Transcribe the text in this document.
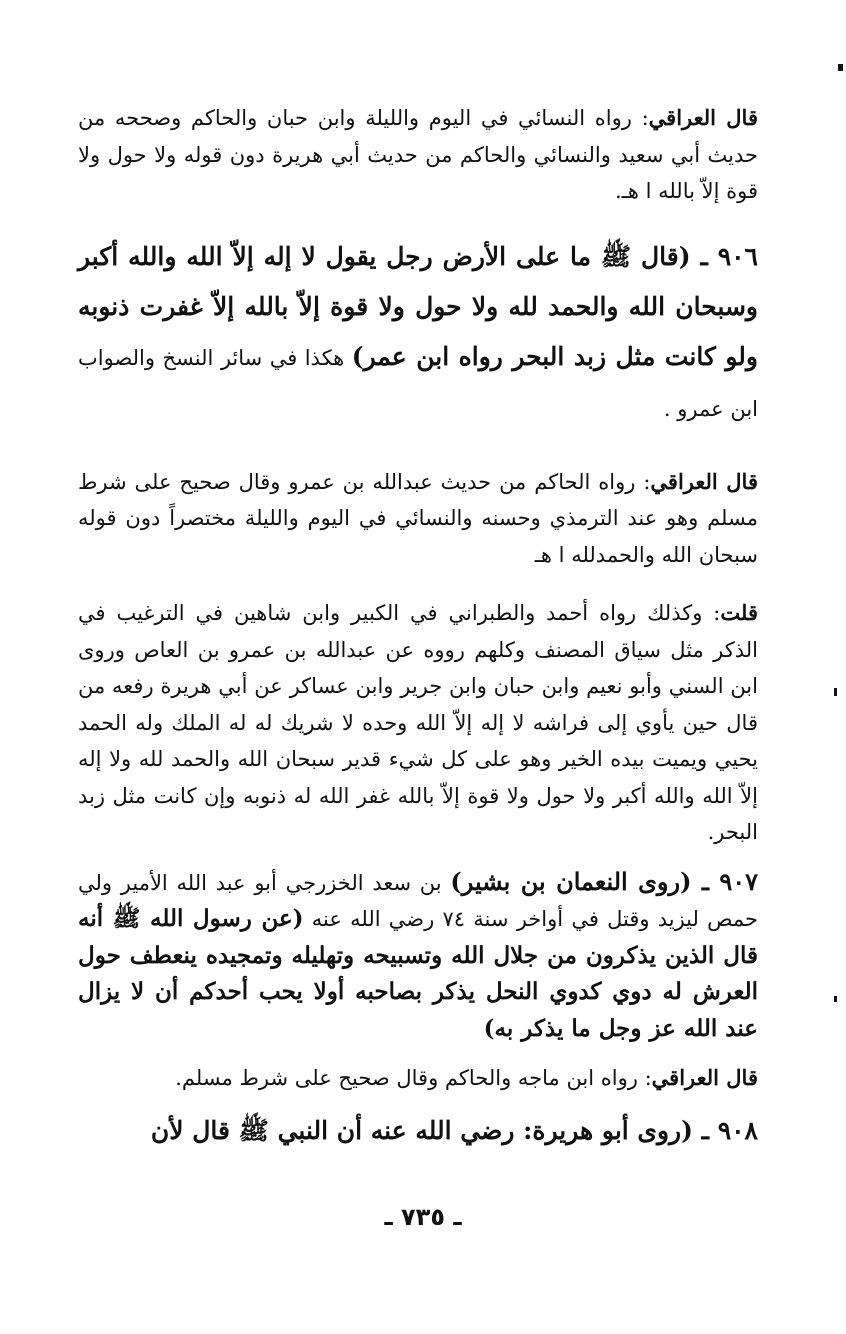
قال العراقي: رواه النسائي في اليوم والليلة وابن حبان والحاكم وصححه من حديث أبي سعيد والنسائي والحاكم من حديث أبي هريرة دون قوله ولا حول ولا قوة إلاّ بالله ا هـ.

٩٠٦ ـ (قال ﷺ ما على الأرض رجل يقول لا إله إلاّ الله والله أكبر وسبحان الله والحمد لله ولا حول ولا قوة إلاّ بالله إلاّ غفرت ذنوبه ولو كانت مثل زبد البحر رواه ابن عمر) هكذا في سائر النسخ والصواب ابن عمرو .

قال العراقي: رواه الحاكم من حديث عبدالله بن عمرو وقال صحيح على شرط مسلم وهو عند الترمذي وحسنه والنسائي في اليوم والليلة مختصراً دون قوله سبحان الله والحمدلله ا هـ

قلت: وكذلك رواه أحمد والطبراني في الكبير وابن شاهين في الترغيب في الذكر مثل سياق المصنف وكلهم رووه عن عبدالله بن عمرو بن العاص وروى ابن السني وأبو نعيم وابن حبان وابن جرير وابن عساكر عن أبي هريرة رفعه من قال حين يأوي إلى فراشه لا إله إلاّ الله وحده لا شريك له له الملك وله الحمد يحيي ويميت بيده الخير وهو على كل شيء قدير سبحان الله والحمد لله ولا إله إلاّ الله والله أكبر ولا حول ولا قوة إلاّ بالله غفر الله له ذنوبه وإن كانت مثل زبد البحر.

٩٠٧ ـ (روى النعمان بن بشير) بن سعد الخزرجي أبو عبد الله الأمير ولي حمص ليزيد وقتل في أواخر سنة ٧٤ رضي الله عنه (عن رسول الله ﷺ أنه قال الذين يذكرون من جلال الله وتسبيحه وتهليله وتمجيده ينعطف حول العرش له دوي كدوي النحل يذكر بصاحبه أولا يحب أحدكم أن لا يزال عند الله عز وجل ما يذكر به)

قال العراقي: رواه ابن ماجه والحاكم وقال صحيح على شرط مسلم.

٩٠٨ ـ (روى أبو هريرة: رضي الله عنه أن النبي ﷺ قال لأن

ـ ٧٣٥ ـ
